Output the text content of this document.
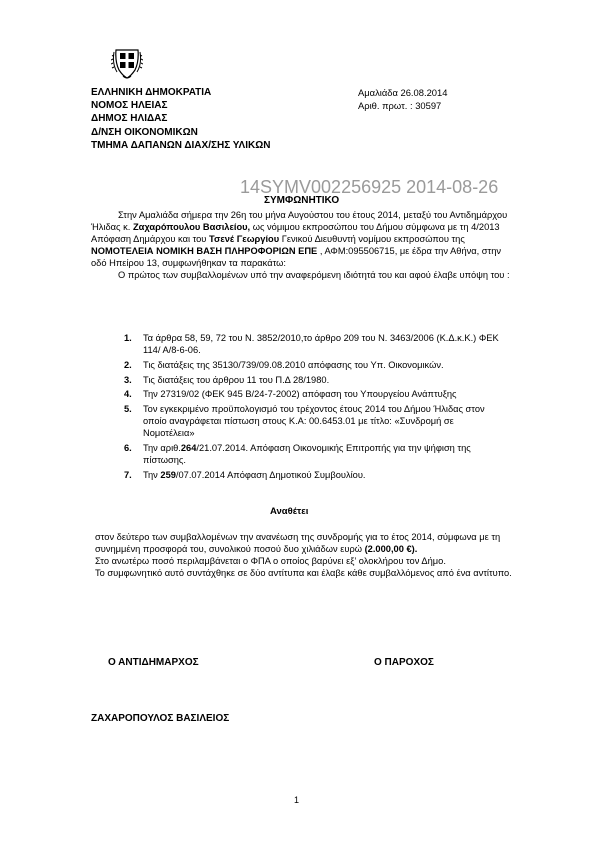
ΕΛΛΗΝΙΚΗ ΔΗΜΟΚΡΑΤΙΑ
ΝΟΜΟΣ ΗΛΕΙΑΣ
ΔΗΜΟΣ ΗΛΙΔΑΣ
Δ/ΝΣΗ ΟΙΚΟΝΟΜΙΚΩΝ
ΤΜΗΜΑ ΔΑΠΑΝΩΝ ΔΙΑΧ/ΣΗΣ ΥΛΙΚΩΝ
Αμαλιάδα 26.08.2014
Αριθ. πρωτ. : 30597
14SYMV002256925 2014-08-26
ΣΥΜΦΩΝΗΤΙΚΟ

Στην Αμαλιάδα σήμερα την 26η του μήνα Αυγούστου του έτους 2014, μεταξύ του Αντιδημάρχου Ήλιδας κ. Ζαχαρόπουλου Βασιλείου, ως νόμιμου εκπροσώπου του Δήμου σύμφωνα με τη 4/2013 Απόφαση Δημάρχου και του Τσενέ Γεωργίου Γενικού Διευθυντή νομίμου εκπροσώπου της ΝΟΜΟΤΕΛΕΙΑ ΝΟΜΙΚΗ ΒΑΣΗ ΠΛΗΡΟΦΟΡΙΩΝ ΕΠΕ , ΑΦΜ:095506715, με έδρα την Αθήνα, στην οδό Ηπείρου 13, συμφωνήθηκαν τα παρακάτω:

Ο πρώτος των συμβαλλομένων υπό την αναφερόμενη ιδιότητά του και αφού έλαβε υπόψη του :

1. Τα άρθρα 58, 59, 72 του Ν. 3852/2010,το άρθρο 209 του Ν. 3463/2006 (Κ.Δ.κ.Κ.) ΦΕΚ 114/ Α/8-6-06.
2. Τις διατάξεις της 35130/739/09.08.2010 απόφασης του Υπ. Οικονομικών.
3. Τις διατάξεις του άρθρου 11 του Π.Δ 28/1980.
4. Την 27319/02 (ΦΕΚ 945 Β/24-7-2002) απόφαση του Υπουργείου Ανάπτυξης
5. Τον εγκεκριμένο προϋπολογισμό του τρέχοντος έτους 2014 του Δήμου Ήλιδας στον οποίο αναγράφεται πίστωση στους Κ.Α: 00.6453.01 με τίτλο: «Συνδρομή σε Νομοτέλεια»
6. Την αριθ.264/21.07.2014. Απόφαση Οικονομικής Επιτροπής για την ψήφιση της πίστωσης.
7. Την 259/07.07.2014 Απόφαση Δημοτικού Συμβουλίου.
Αναθέτει

στον δεύτερο των συμβαλλομένων την ανανέωση της συνδρομής για το έτος 2014, σύμφωνα με τη συνημμένη προσφορά του, συνολικού ποσού δυο χιλιάδων ευρώ (2.000,00 €).

Στο ανωτέρω ποσό περιλαμβάνεται ο ΦΠΑ ο οποίος βαρύνει εξ’ ολοκλήρου τον Δήμο.

Το συμφωνητικό αυτό συντάχθηκε σε δύο αντίτυπα και έλαβε κάθε συμβαλλόμενος από ένα αντίτυπο.

Ο ΑΝΤΙΔΗΜΑΡΧΟΣ	Ο ΠΑΡΟΧΟΣ
ΖΑΧΑΡΟΠΟΥΛΟΣ ΒΑΣΙΛΕΙΟΣ
1
